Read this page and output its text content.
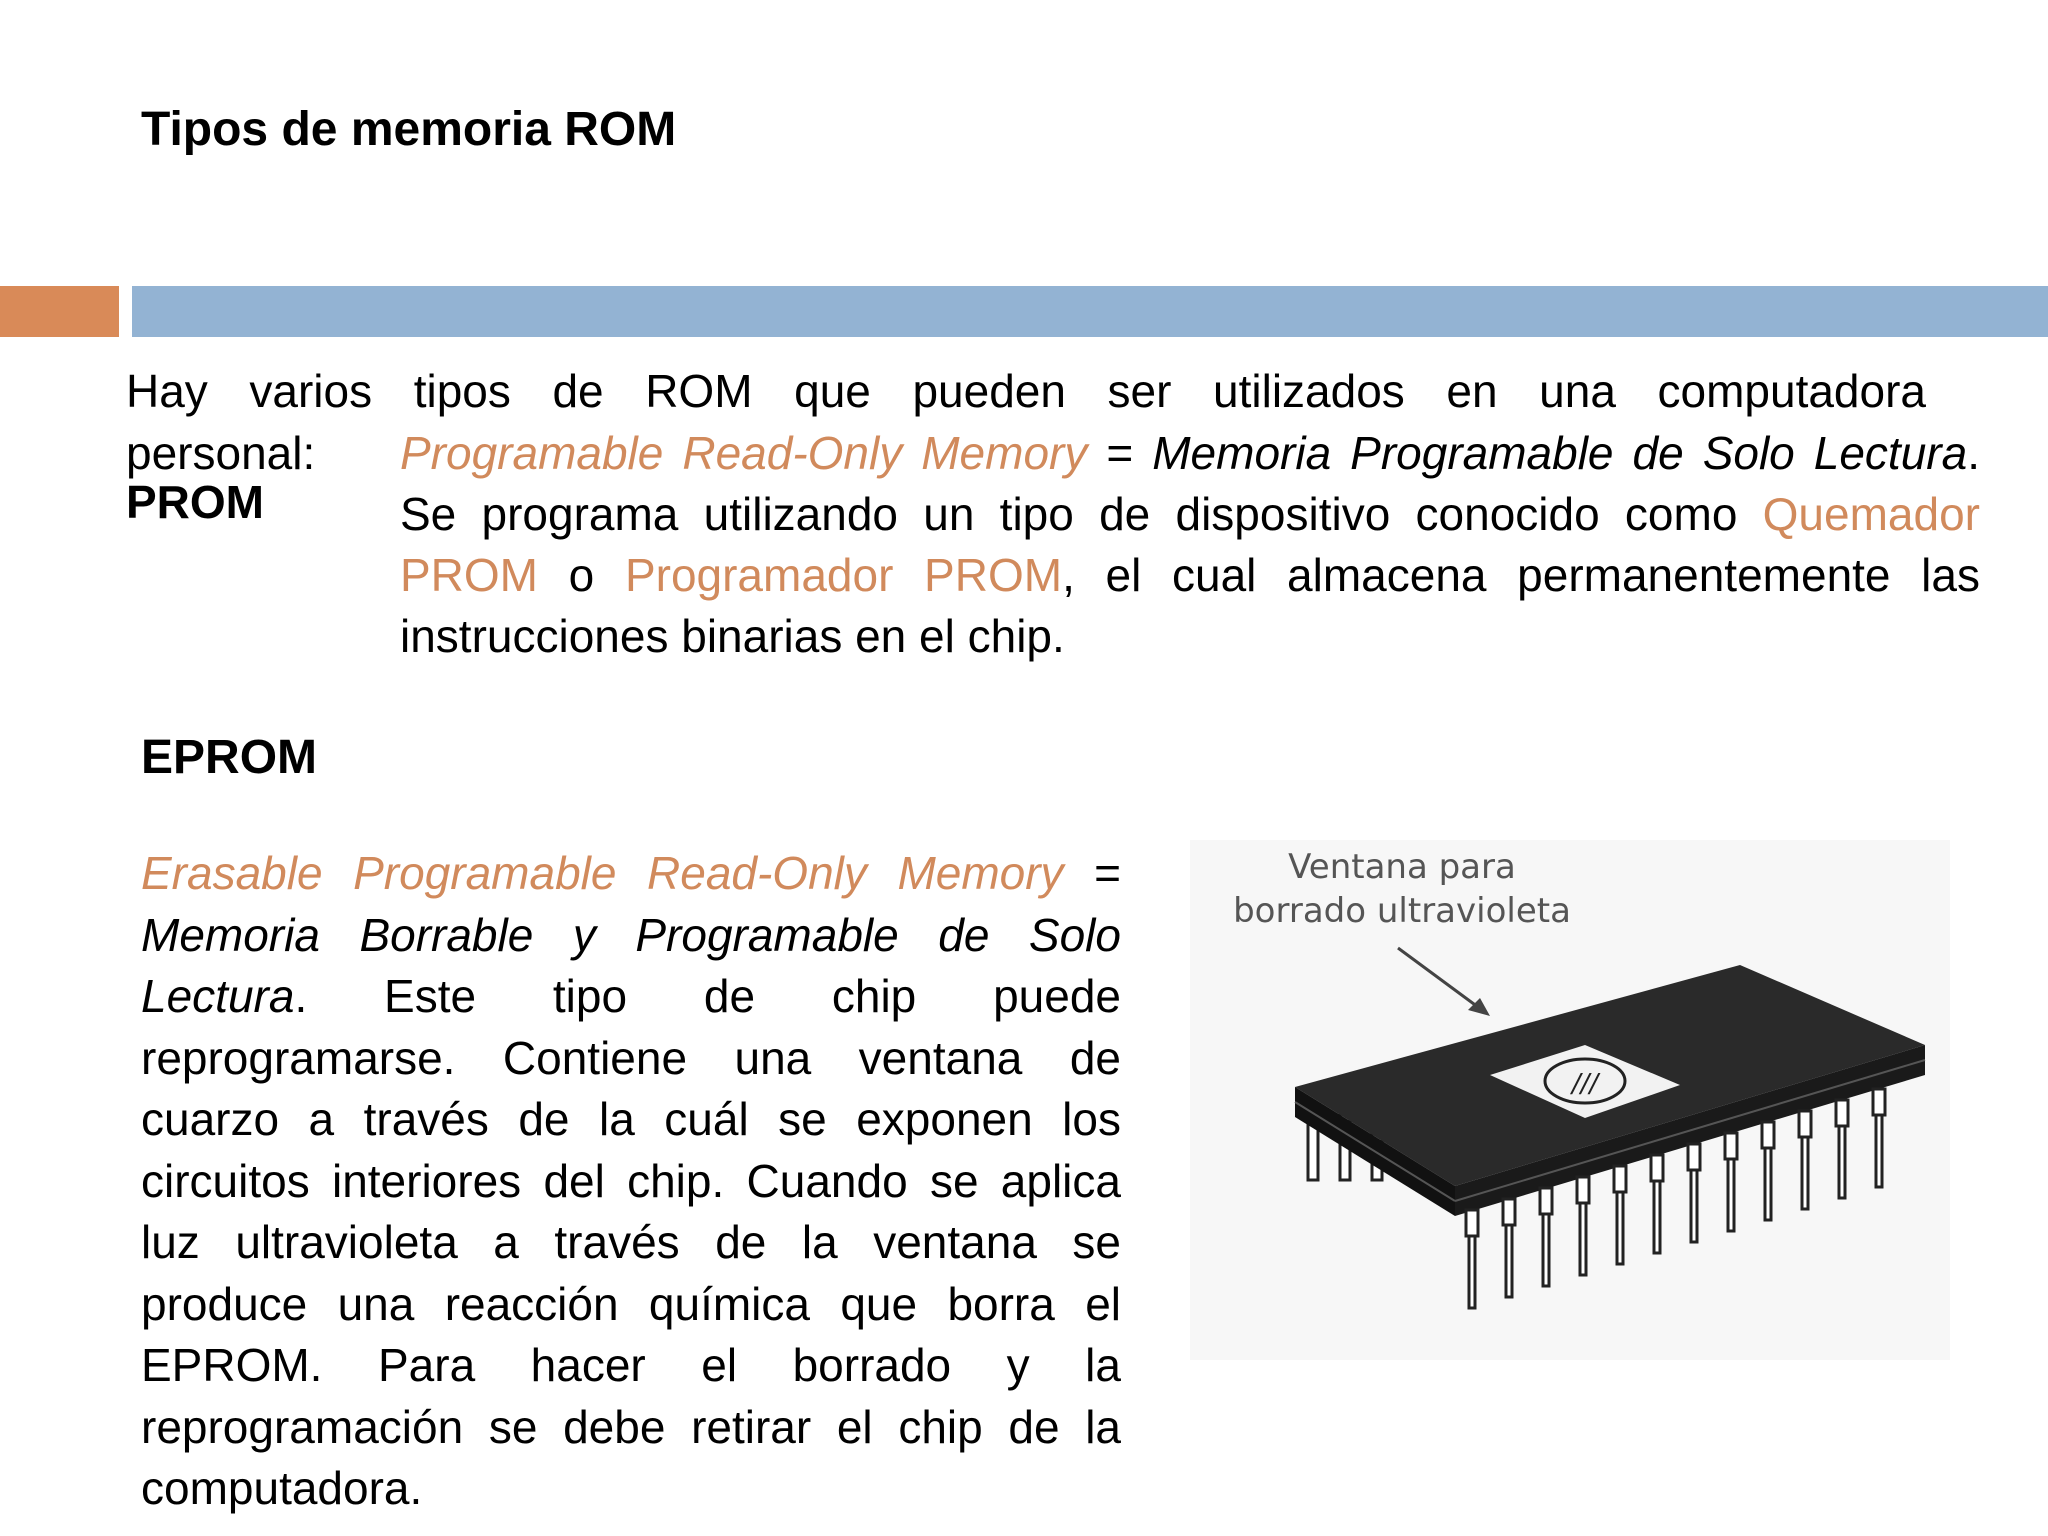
Tipos de memoria ROM
Hay varios tipos de ROM que pueden ser utilizados en una computadora
personal:
PROM
Programable Read-Only Memory = Memoria Programable de Solo Lectura. Se programa utilizando un tipo de dispositivo conocido como Quemador PROM o Programador PROM, el cual almacena permanentemente las instrucciones binarias en el chip.
EPROM
Erasable Programable Read-Only Memory = Memoria Borrable y Programable de Solo Lectura. Este tipo de chip puede reprogramarse. Contiene una ventana de cuarzo a través de la cuál se exponen los circuitos interiores del chip. Cuando se aplica luz ultravioleta a través de la ventana se produce una reacción química que borra el EPROM. Para hacer el borrado y la reprogramación se debe retirar el chip de la computadora.
Ventana para
borrado ultravioleta
///
